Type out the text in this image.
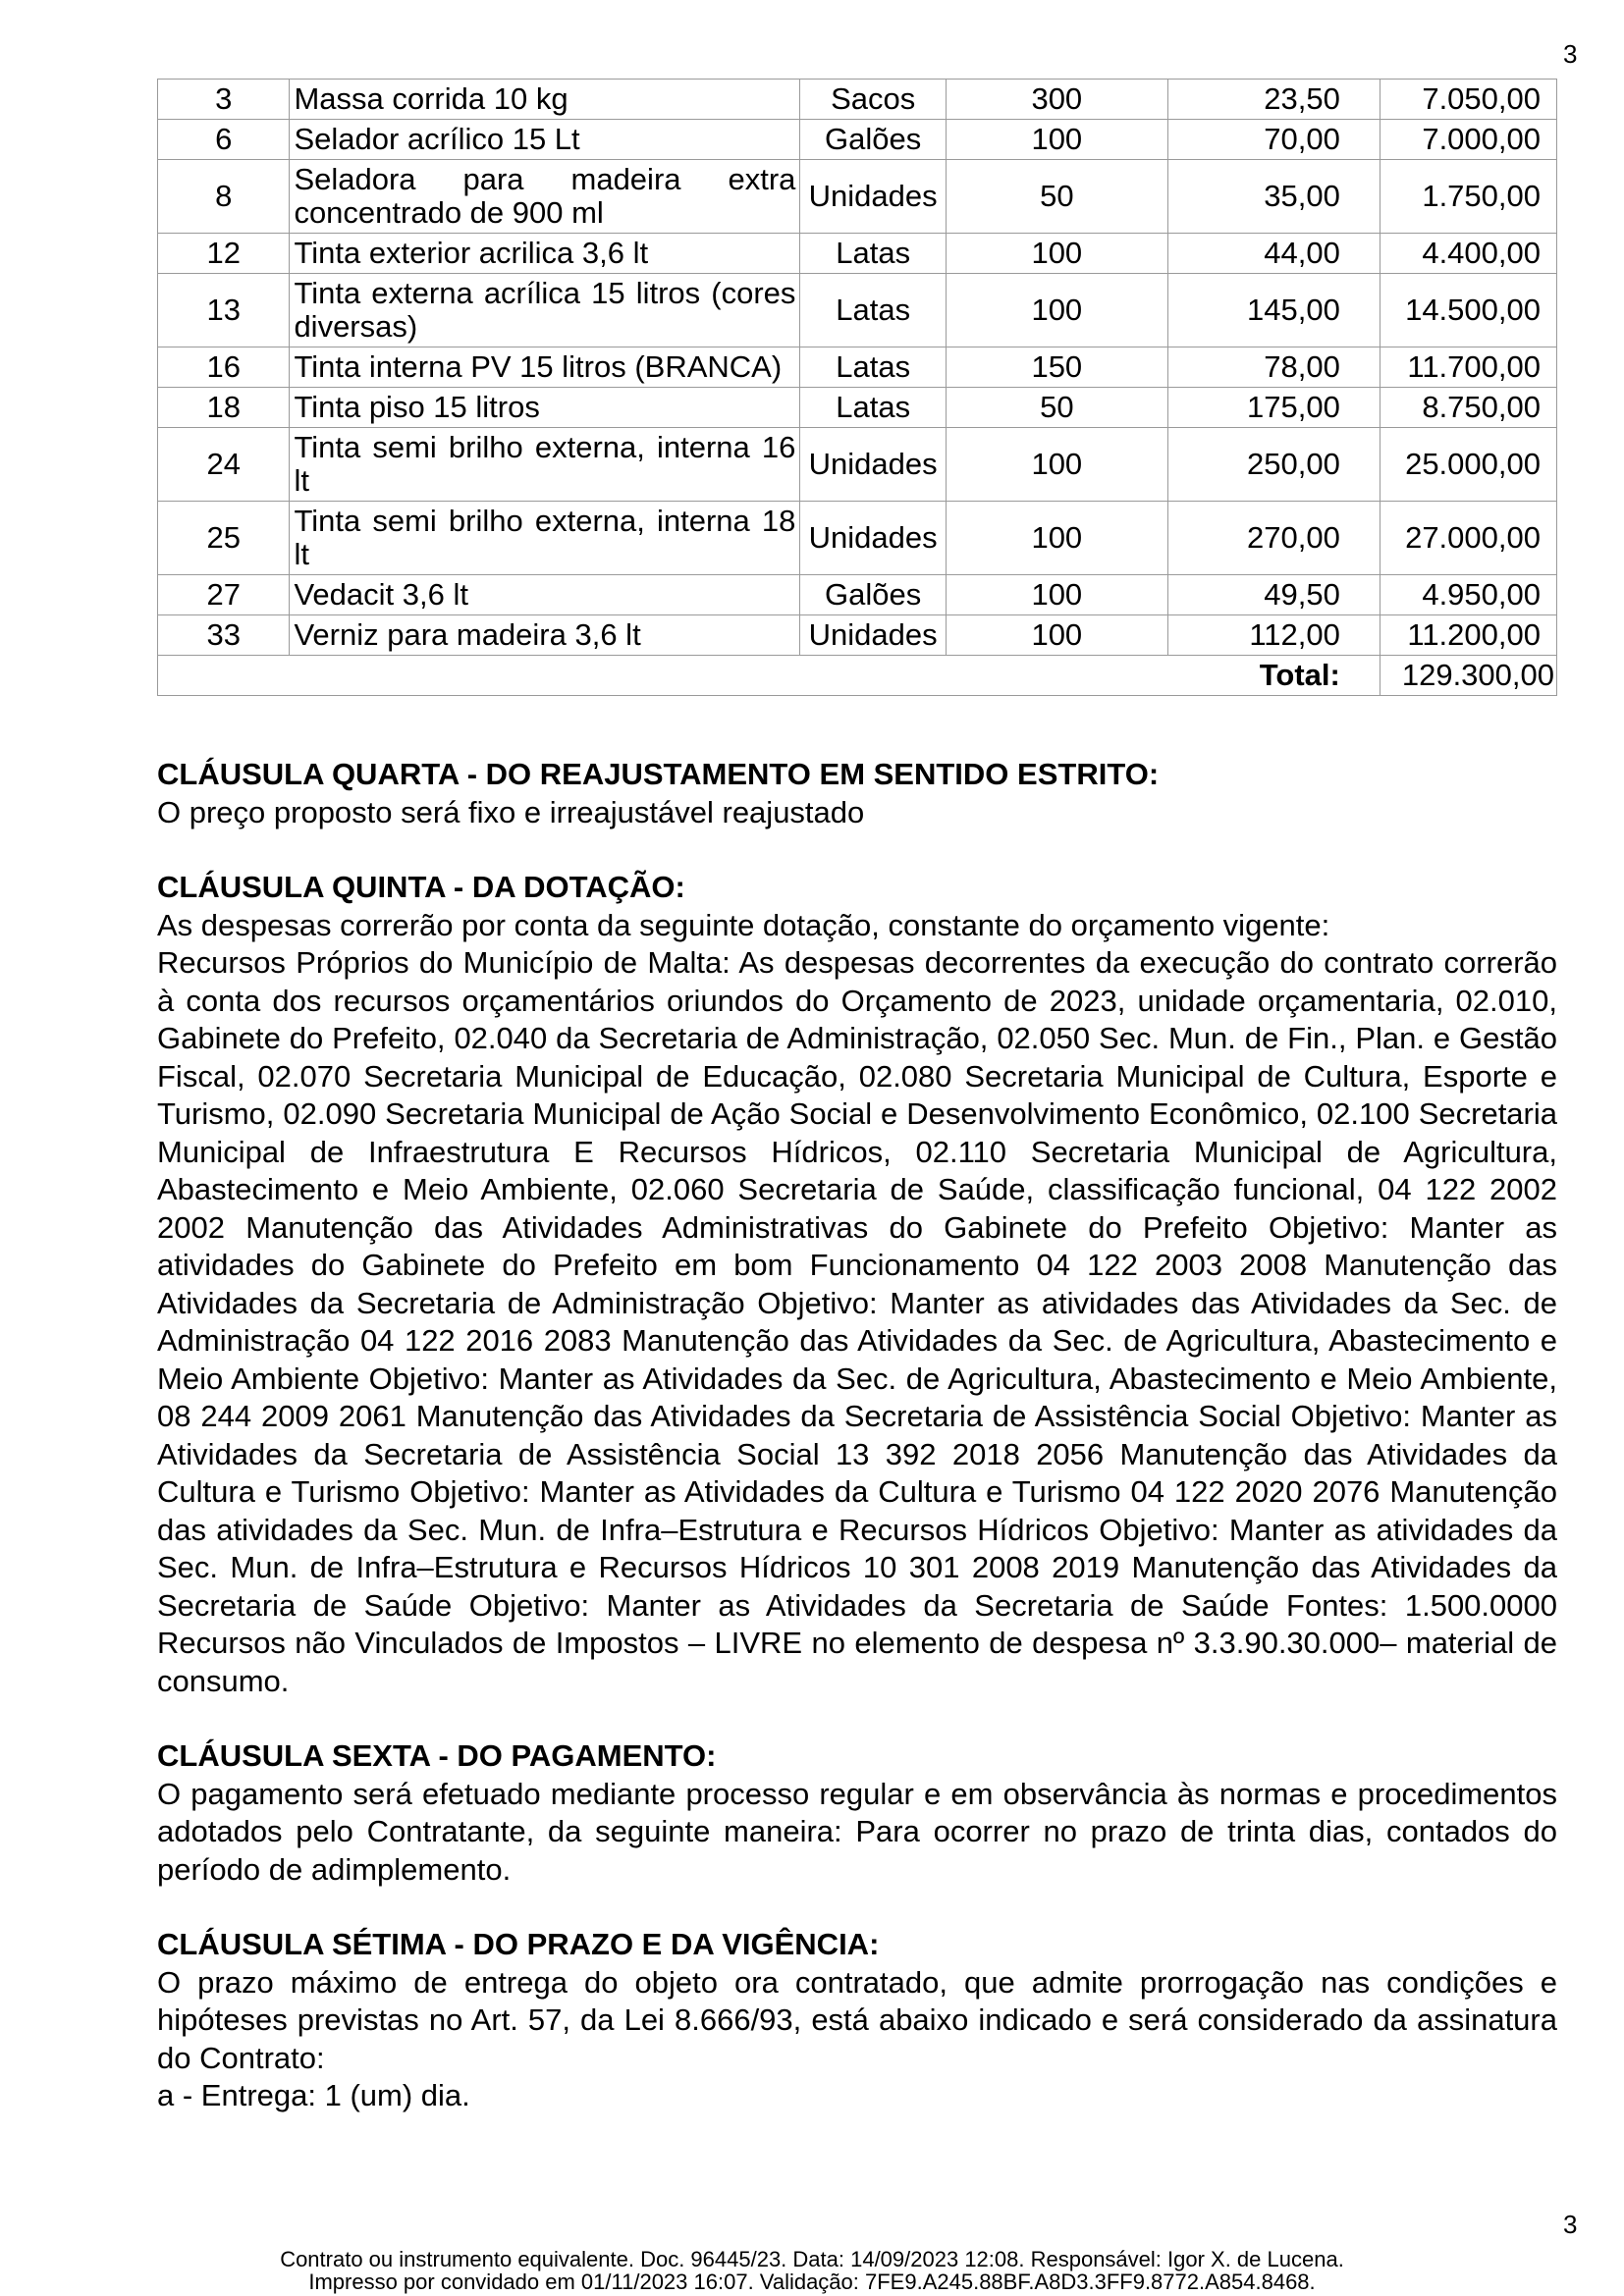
3
3	Massa corrida 10 kg	Sacos	300	23,50	7.050,00
6	Selador acrílico 15 Lt	Galões	100	70,00	7.000,00
8	Seladora para madeira extra concentrado de 900 ml	Unidades	50	35,00	1.750,00
12	Tinta exterior acrilica 3,6 lt	Latas	100	44,00	4.400,00
13	Tinta externa acrílica 15 litros (cores diversas)	Latas	100	145,00	14.500,00
16	Tinta interna PV 15 litros (BRANCA)	Latas	150	78,00	11.700,00
18	Tinta piso 15 litros	Latas	50	175,00	8.750,00
24	Tinta semi brilho externa, interna 16 lt	Unidades	100	250,00	25.000,00
25	Tinta semi brilho externa, interna 18 lt	Unidades	100	270,00	27.000,00
27	Vedacit 3,6 lt	Galões	100	49,50	4.950,00
33	Verniz para madeira 3,6 lt	Unidades	100	112,00	11.200,00
				Total:	129.300,00

CLÁUSULA QUARTA - DO REAJUSTAMENTO EM SENTIDO ESTRITO:

O preço proposto será fixo e irreajustável reajustado

CLÁUSULA QUINTA - DA DOTAÇÃO:

As despesas correrão por conta da seguinte dotação, constante do orçamento vigente:

Recursos Próprios do Município de Malta: As despesas decorrentes da execução do contrato correrão à conta dos recursos orçamentários oriundos do Orçamento de 2023, unidade orçamentaria, 02.010, Gabinete do Prefeito, 02.040 da Secretaria de Administração, 02.050 Sec. Mun. de Fin., Plan. e Gestão Fiscal, 02.070 Secretaria Municipal de Educação, 02.080 Secretaria Municipal de Cultura, Esporte e Turismo, 02.090 Secretaria Municipal de Ação Social e Desenvolvimento Econômico, 02.100 Secretaria Municipal de Infraestrutura E Recursos Hídricos, 02.110 Secretaria Municipal de Agricultura, Abastecimento e Meio Ambiente, 02.060 Secretaria de Saúde, classificação funcional, 04 122 2002 2002 Manutenção das Atividades Administrativas do Gabinete do Prefeito Objetivo: Manter as atividades do Gabinete do Prefeito em bom Funcionamento 04 122 2003 2008 Manutenção das Atividades da Secretaria de Administração Objetivo: Manter as atividades das Atividades da Sec. de Administração 04 122 2016 2083 Manutenção das Atividades da Sec. de Agricultura, Abastecimento e Meio Ambiente Objetivo: Manter as Atividades da Sec. de Agricultura, Abastecimento e Meio Ambiente, 08 244 2009 2061 Manutenção das Atividades da Secretaria de Assistência Social Objetivo: Manter as Atividades da Secretaria de Assistência Social 13 392 2018 2056 Manutenção das Atividades da Cultura e Turismo Objetivo: Manter as Atividades da Cultura e Turismo 04 122 2020 2076 Manutenção das atividades da Sec. Mun. de Infra–Estrutura e Recursos Hídricos Objetivo: Manter as atividades da Sec. Mun. de Infra–Estrutura e Recursos Hídricos 10 301 2008 2019 Manutenção das Atividades da Secretaria de Saúde Objetivo: Manter as Atividades da Secretaria de Saúde Fontes: 1.500.0000 Recursos não Vinculados de Impostos – LIVRE no elemento de despesa nº 3.3.90.30.000– material de consumo.

CLÁUSULA SEXTA - DO PAGAMENTO:

O pagamento será efetuado mediante processo regular e em observância às normas e procedimentos adotados pelo Contratante, da seguinte maneira: Para ocorrer no prazo de trinta dias, contados do período de adimplemento.

CLÁUSULA SÉTIMA - DO PRAZO E DA VIGÊNCIA:

O prazo máximo de entrega do objeto ora contratado, que admite prorrogação nas condições e hipóteses previstas no Art. 57, da Lei 8.666/93, está abaixo indicado e será considerado da assinatura do Contrato:

a - Entrega: 1 (um) dia.

3
Contrato ou instrumento equivalente. Doc. 96445/23. Data: 14/09/2023 12:08. Responsável: Igor X. de Lucena.
Impresso por convidado em 01/11/2023 16:07. Validação: 7FE9.A245.88BF.A8D3.3FF9.8772.A854.8468.
